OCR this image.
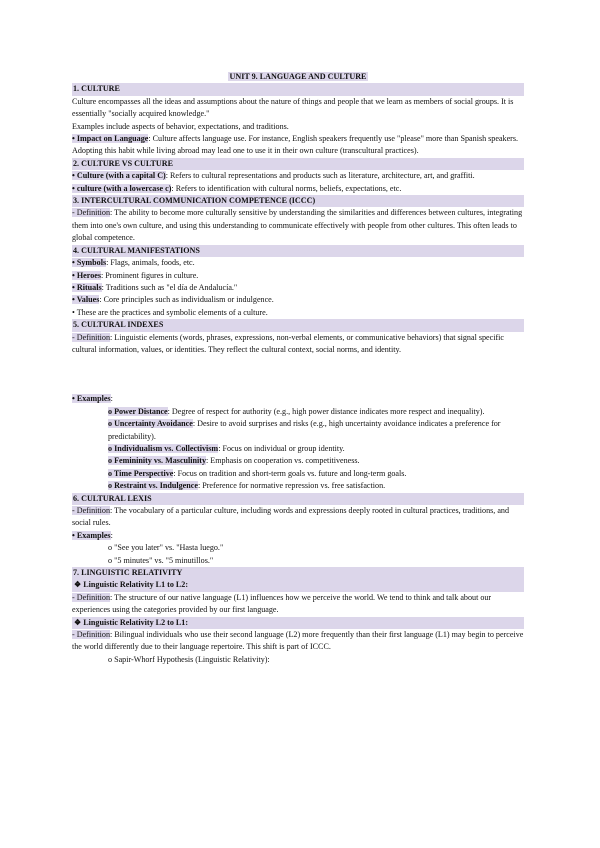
UNIT 9. LANGUAGE AND CULTURE
1. CULTURE

Culture encompasses all the ideas and assumptions about the nature of things and people that we learn as members of social groups. It is essentially "socially acquired knowledge."

Examples include aspects of behavior, expectations, and traditions.

• Impact on Language: Culture affects language use. For instance, English speakers frequently use "please" more than Spanish speakers. Adopting this habit while living abroad may lead one to use it in their own culture (transcultural practices).

2. CULTURE VS CULTURE

• Culture (with a capital C): Refers to cultural representations and products such as literature, architecture, art, and graffiti.

• culture (with a lowercase c): Refers to identification with cultural norms, beliefs, expectations, etc.

3. INTERCULTURAL COMMUNICATION COMPETENCE (ICCC)

- Definition: The ability to become more culturally sensitive by understanding the similarities and differences between cultures, integrating them into one's own culture, and using this understanding to communicate effectively with people from other cultures. This often leads to global competence.

4. CULTURAL MANIFESTATIONS

• Symbols: Flags, animals, foods, etc.

• Heroes: Prominent figures in culture.

• Rituals: Traditions such as "el día de Andalucía."

• Values: Core principles such as individualism or indulgence.

• These are the practices and symbolic elements of a culture.

5. CULTURAL INDEXES

- Definition: Linguistic elements (words, phrases, expressions, non-verbal elements, or communicative behaviors) that signal specific cultural information, values, or identities. They reflect the cultural context, social norms, and identity.

• Examples:

o Power Distance: Degree of respect for authority (e.g., high power distance indicates more respect and inequality).

o Uncertainty Avoidance: Desire to avoid surprises and risks (e.g., high uncertainty avoidance indicates a preference for predictability).

o Individualism vs. Collectivism: Focus on individual or group identity.

o Femininity vs. Masculinity: Emphasis on cooperation vs. competitiveness.

o Time Perspective: Focus on tradition and short-term goals vs. future and long-term goals.

o Restraint vs. Indulgence: Preference for normative repression vs. free satisfaction.

6. CULTURAL LEXIS

- Definition: The vocabulary of a particular culture, including words and expressions deeply rooted in cultural practices, traditions, and social rules.

• Examples:

o "See you later" vs. "Hasta luego."

o "5 minutes" vs. "5 minutillos."

7. LINGUISTIC RELATIVITY
❖ Linguistic Relativity L1 to L2:

- Definition: The structure of our native language (L1) influences how we perceive the world. We tend to think and talk about our experiences using the categories provided by our first language.

❖ Linguistic Relativity L2 to L1:

- Definition: Bilingual individuals who use their second language (L2) more frequently than their first language (L1) may begin to perceive the world differently due to their language repertoire. This shift is part of ICCC.

o Sapir-Whorf Hypothesis (Linguistic Relativity):
